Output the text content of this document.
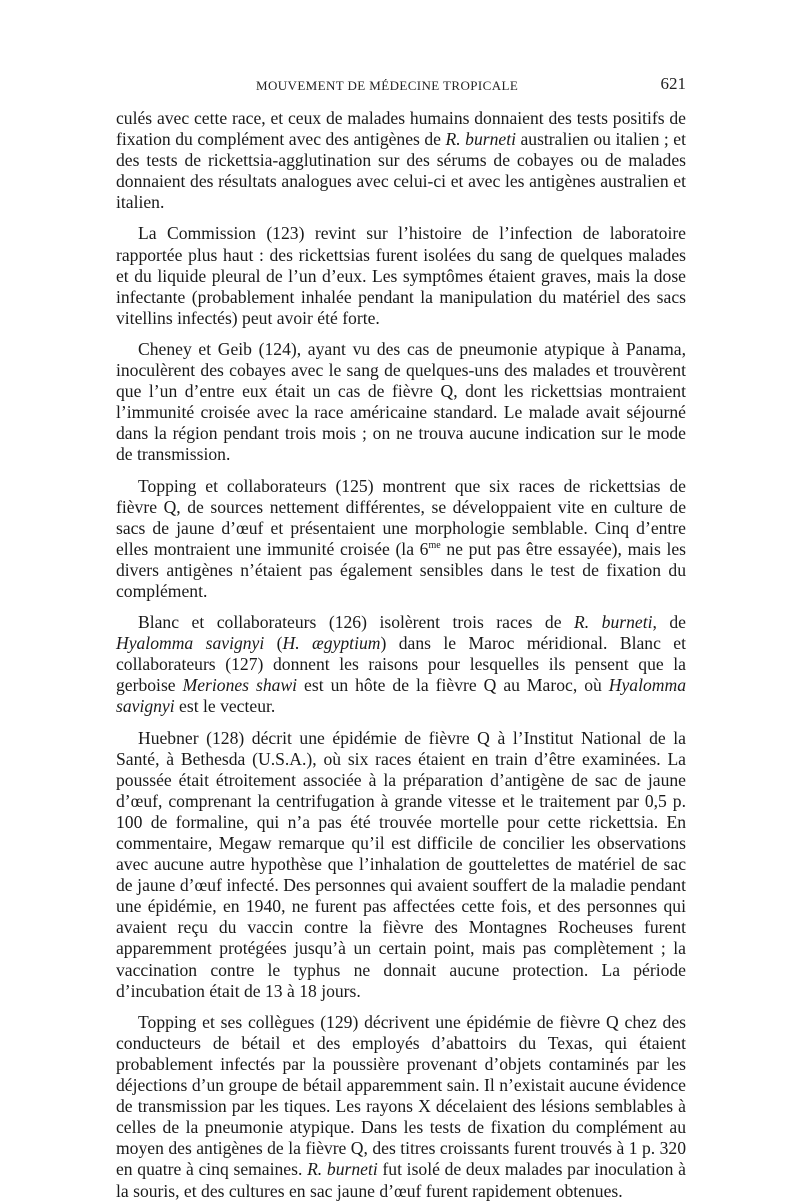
MOUVEMENT DE MÉDECINE TROPICALE	621

culés avec cette race, et ceux de malades humains donnaient des tests positifs de fixation du complément avec des antigènes de R. burneti australien ou italien ; et des tests de rickettsia-agglutination sur des sérums de cobayes ou de malades donnaient des résultats analogues avec celui-ci et avec les antigènes australien et italien.

La Commission (123) revint sur l’histoire de l’infection de laboratoire rapportée plus haut : des rickettsias furent isolées du sang de quelques malades et du liquide pleural de l’un d’eux. Les symptômes étaient graves, mais la dose infectante (probablement inhalée pendant la manipulation du matériel des sacs vitellins infectés) peut avoir été forte.

Cheney et Geib (124), ayant vu des cas de pneumonie atypique à Panama, inoculèrent des cobayes avec le sang de quelques-uns des malades et trouvèrent que l’un d’entre eux était un cas de fièvre Q, dont les rickettsias montraient l’immunité croisée avec la race américaine standard. Le malade avait séjourné dans la région pendant trois mois ; on ne trouva aucune indication sur le mode de transmission.

Topping et collaborateurs (125) montrent que six races de rickettsias de fièvre Q, de sources nettement différentes, se développaient vite en culture de sacs de jaune d’œuf et présentaient une morphologie semblable. Cinq d’entre elles montraient une immunité croisée (la $6^{me}$ ne put pas être essayée), mais les divers antigènes n’étaient pas également sensibles dans le test de fixation du complément.

Blanc et collaborateurs (126) isolèrent trois races de R. burneti, de Hyalomma savignyi (H. ægyptium) dans le Maroc méridional. Blanc et collaborateurs (127) donnent les raisons pour lesquelles ils pensent que la gerboise Meriones shawi est un hôte de la fièvre Q au Maroc, où Hyalomma savignyi est le vecteur.

Huebner (128) décrit une épidémie de fièvre Q à l’Institut National de la Santé, à Bethesda (U.S.A.), où six races étaient en train d’être examinées. La poussée était étroitement associée à la préparation d’antigène de sac de jaune d’œuf, comprenant la centrifugation à grande vitesse et le traitement par 0,5 p. 100 de formaline, qui n’a pas été trouvée mortelle pour cette rickettsia. En commentaire, Megaw remarque qu’il est difficile de concilier les observations avec aucune autre hypothèse que l’inhalation de gouttelettes de matériel de sac de jaune d’œuf infecté. Des personnes qui avaient souffert de la maladie pendant une épidémie, en 1940, ne furent pas affectées cette fois, et des personnes qui avaient reçu du vaccin contre la fièvre des Montagnes Rocheuses furent apparemment protégées jusqu’à un certain point, mais pas complètement ; la vaccination contre le typhus ne donnait aucune protection. La période d’incubation était de 13 à 18 jours.

Topping et ses collègues (129) décrivent une épidémie de fièvre Q chez des conducteurs de bétail et des employés d’abattoirs du Texas, qui étaient probablement infectés par la poussière provenant d’objets contaminés par les déjections d’un groupe de bétail apparemment sain. Il n’existait aucune évidence de transmission par les tiques. Les rayons X décelaient des lésions semblables à celles de la pneumonie atypique. Dans les tests de fixation du complément au moyen des antigènes de la fièvre Q, des titres croissants furent trouvés à 1 p. 320 en quatre à cinq semaines. R. burneti fut isolé de deux malades par inoculation à la souris, et des cultures en sac jaune d’œuf furent rapidement obtenues.
